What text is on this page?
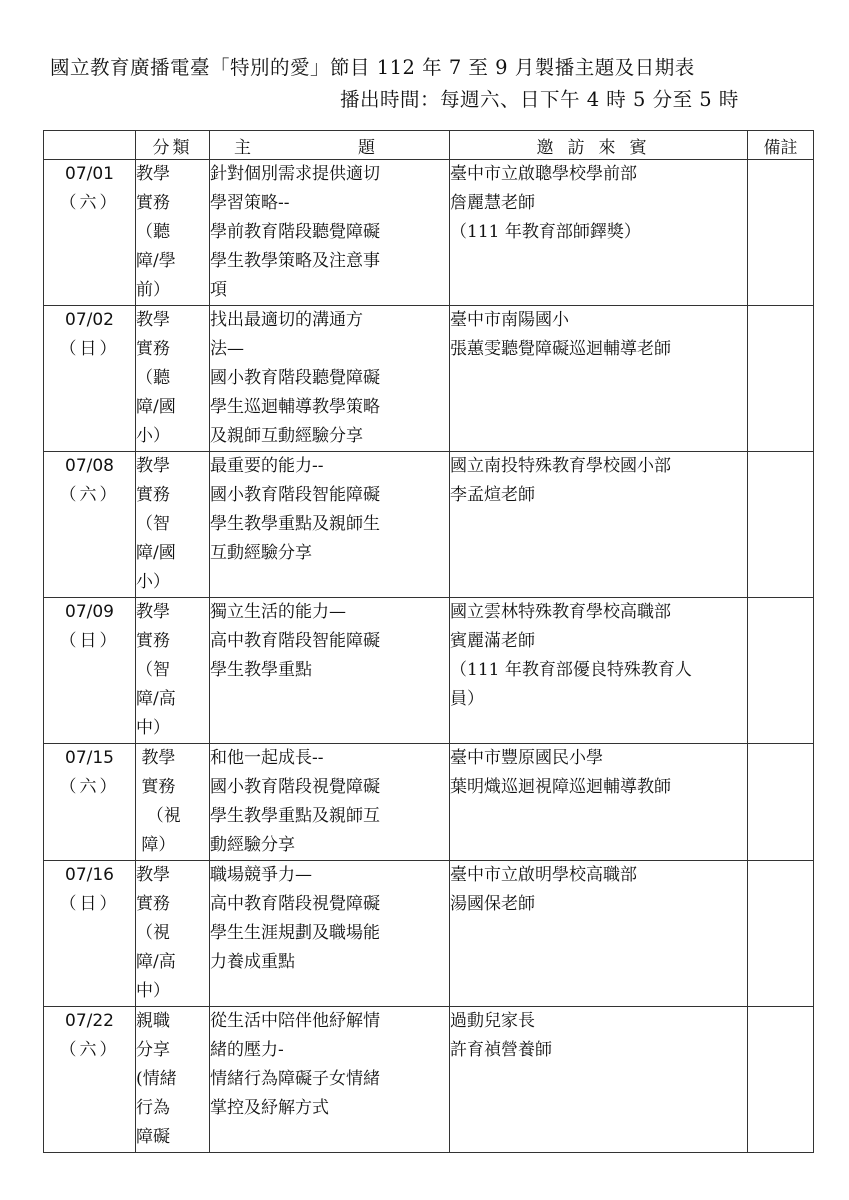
國立教育廣播電臺「特別的愛」節目 112 年 7 至 9 月製播主題及日期表
播出時間：每週六、日下午 4 時 5 分至 5 時
	分類	主 題	邀訪來賓	備註

07/01
（六）	教學
實務
（聽
障/學
前）	針對個別需求提供適切
學習策略--
學前教育階段聽覺障礙
學生教學策略及注意事
項	臺中市立啟聰學校學前部
詹麗慧老師
（111 年教育部師鐸獎）	

07/02
（日）	教學
實務
（聽
障/國
小）	找出最適切的溝通方
法—
國小教育階段聽覺障礙
學生巡迴輔導教學策略
及親師互動經驗分享	臺中市南陽國小
張蕙雯聽覺障礙巡迴輔導老師	

07/08
（六）	教學
實務
（智
障/國
小）	最重要的能力--
國小教育階段智能障礙
學生教學重點及親師生
互動經驗分享	國立南投特殊教育學校國小部
李孟煊老師	

07/09
（日）	教學
實務
（智
障/高
中）	獨立生活的能力—
高中教育階段智能障礙
學生教學重點	國立雲林特殊教育學校高職部
賓麗滿老師
（111 年教育部優良特殊教育人
員）	

07/15
（六）	教學
實務
（視
障）	和他一起成長--
國小教育階段視覺障礙
學生教學重點及親師互
動經驗分享	臺中市豐原國民小學
葉明熾巡迴視障巡迴輔導教師	

07/16
（日）	教學
實務
（視
障/高
中）	職場競爭力—
高中教育階段視覺障礙
學生生涯規劃及職場能
力養成重點	臺中市立啟明學校高職部
湯國保老師	

07/22
（六）	親職
分享
(情緒
行為
障礙	從生活中陪伴他紓解情
緒的壓力-
情緒行為障礙子女情緒
掌控及紓解方式	過動兒家長
許育禎營養師	
